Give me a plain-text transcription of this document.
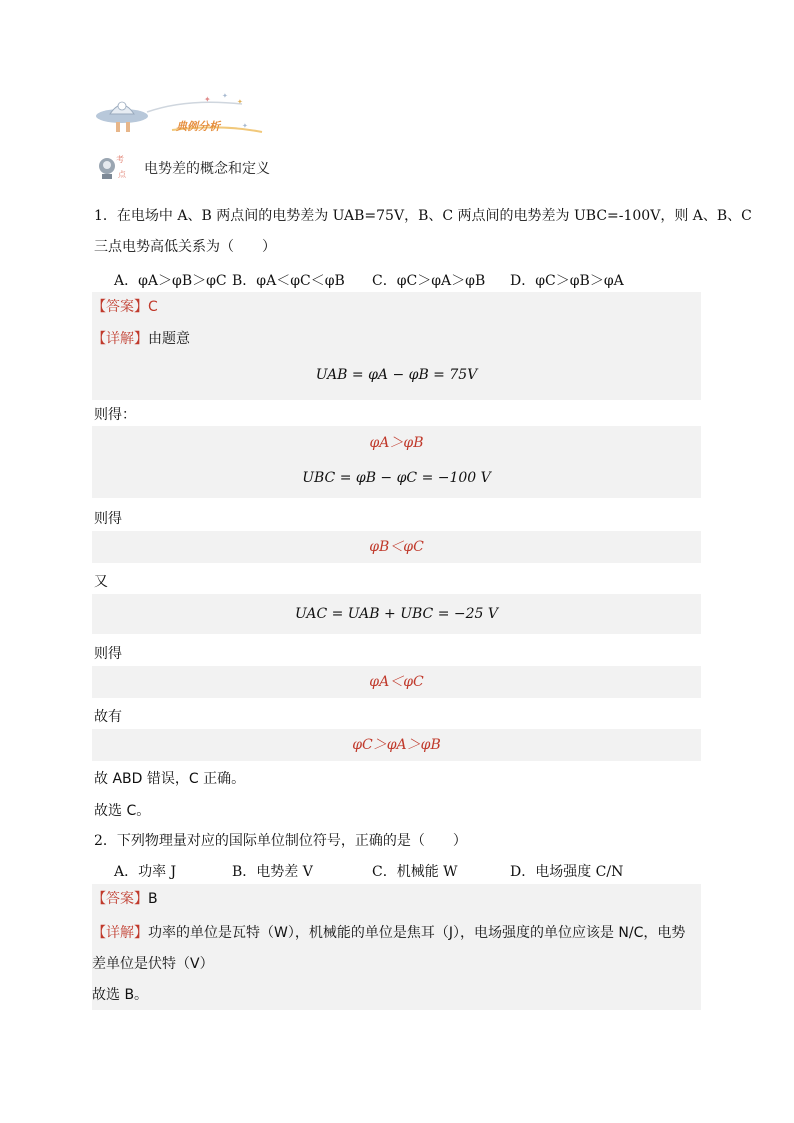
✦ ✦
✦
✦
典例分析
考
点 电势差的概念和定义
1．在电场中 A、B 两点间的电势差为 UAB=75V，B、C 两点间的电势差为 UBC=-100V，则 A、B、C
三点电势高低关系为（　　）
A．φA＞φB＞φC B．φA＜φC＜φB C．φC＞φA＞φB D．φC＞φB＞φA
【答案】C
【详解】由题意
UAB = φA − φB = 75V
则得：
φA＞φB
UBC = φB − φC = −100 V
则得
φB＜φC
又
UAC = UAB + UBC = −25 V
则得
φA＜φC
故有
φC＞φA＞φB
故 ABD 错误，C 正确。
故选 C。
2．下列物理量对应的国际单位制位符号，正确的是（　　）
A．功率 J	B．电势差 V	C．机械能 W	D．电场强度 C/N
【答案】B
【详解】功率的单位是瓦特（W），机械能的单位是焦耳（J），电场强度的单位应该是 N/C，电势
差单位是伏特（V）
故选 B。
